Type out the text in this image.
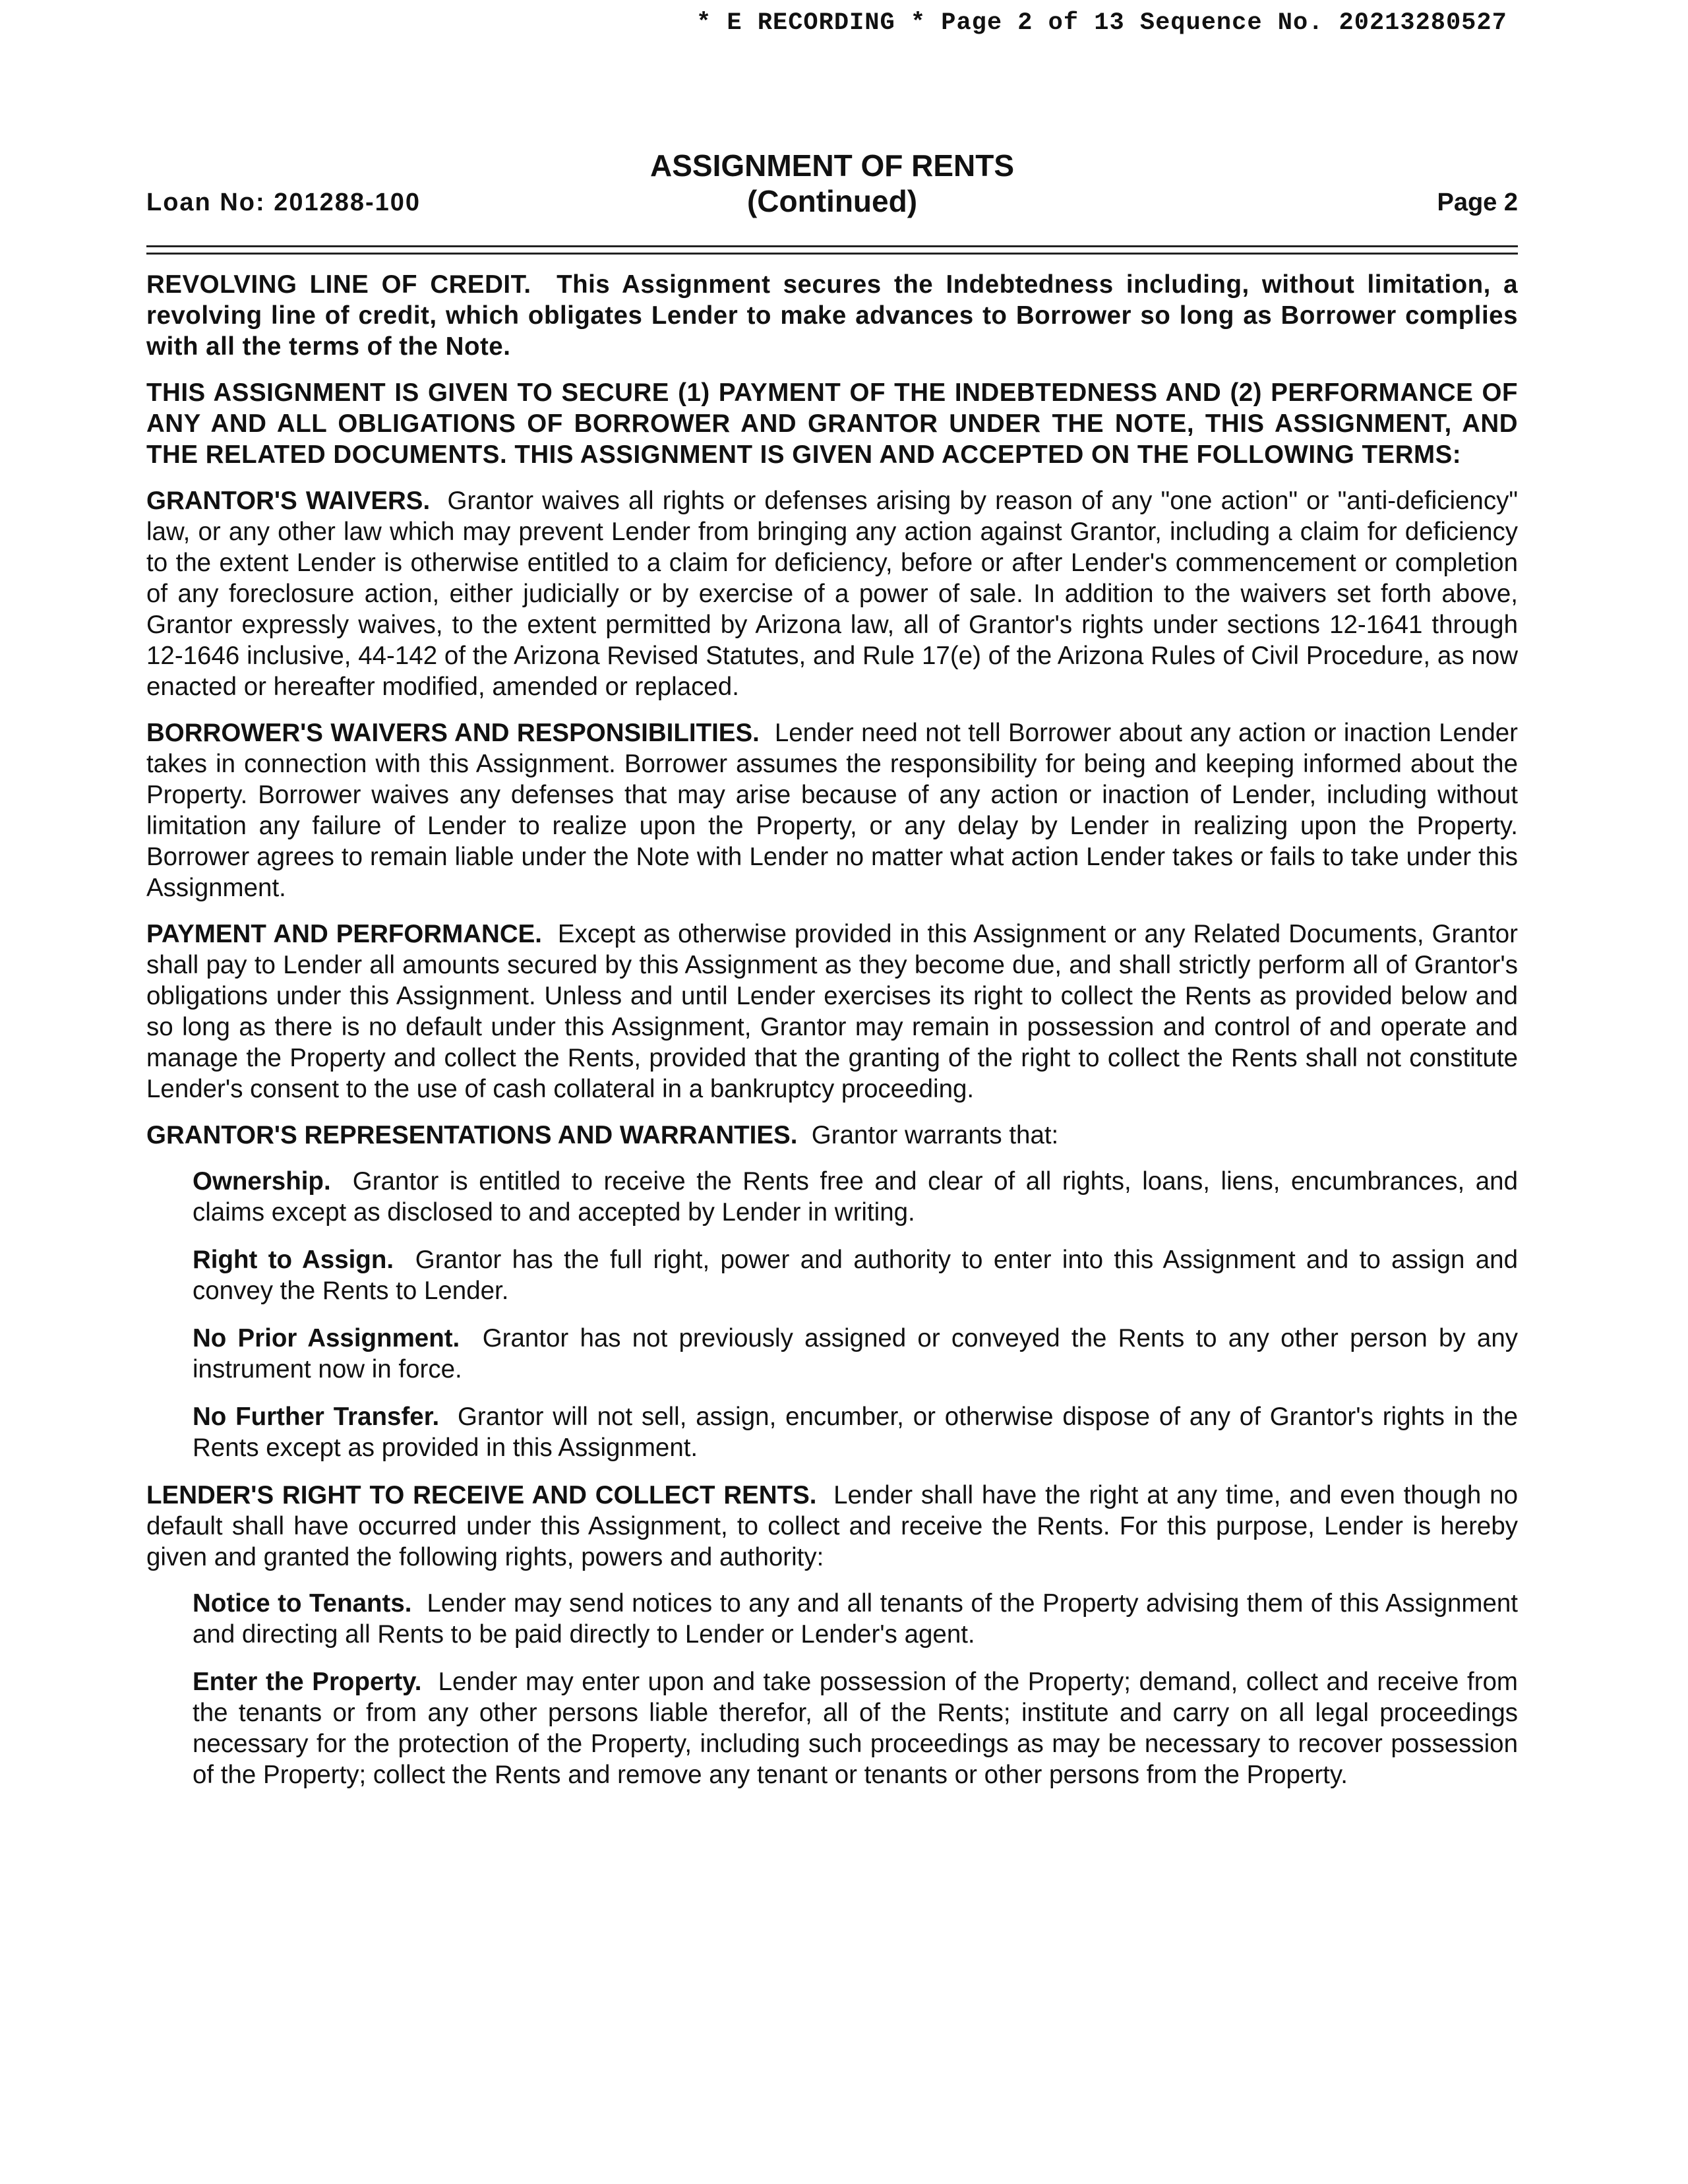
* E RECORDING * Page 2 of 13 Sequence No. 20213280527
ASSIGNMENT OF RENTS
(Continued)
Loan No: 201288-100	Page 2

REVOLVING LINE OF CREDIT. This Assignment secures the Indebtedness including, without limitation, a revolving line of credit, which obligates Lender to make advances to Borrower so long as Borrower complies with all the terms of the Note.

THIS ASSIGNMENT IS GIVEN TO SECURE (1) PAYMENT OF THE INDEBTEDNESS AND (2) PERFORMANCE OF ANY AND ALL OBLIGATIONS OF BORROWER AND GRANTOR UNDER THE NOTE, THIS ASSIGNMENT, AND THE RELATED DOCUMENTS. THIS ASSIGNMENT IS GIVEN AND ACCEPTED ON THE FOLLOWING TERMS:

GRANTOR'S WAIVERS. Grantor waives all rights or defenses arising by reason of any "one action" or "anti-deficiency" law, or any other law which may prevent Lender from bringing any action against Grantor, including a claim for deficiency to the extent Lender is otherwise entitled to a claim for deficiency, before or after Lender's commencement or completion of any foreclosure action, either judicially or by exercise of a power of sale. In addition to the waivers set forth above, Grantor expressly waives, to the extent permitted by Arizona law, all of Grantor's rights under sections 12-1641 through 12-1646 inclusive, 44-142 of the Arizona Revised Statutes, and Rule 17(e) of the Arizona Rules of Civil Procedure, as now enacted or hereafter modified, amended or replaced.

BORROWER'S WAIVERS AND RESPONSIBILITIES. Lender need not tell Borrower about any action or inaction Lender takes in connection with this Assignment. Borrower assumes the responsibility for being and keeping informed about the Property. Borrower waives any defenses that may arise because of any action or inaction of Lender, including without limitation any failure of Lender to realize upon the Property, or any delay by Lender in realizing upon the Property. Borrower agrees to remain liable under the Note with Lender no matter what action Lender takes or fails to take under this Assignment.

PAYMENT AND PERFORMANCE. Except as otherwise provided in this Assignment or any Related Documents, Grantor shall pay to Lender all amounts secured by this Assignment as they become due, and shall strictly perform all of Grantor's obligations under this Assignment. Unless and until Lender exercises its right to collect the Rents as provided below and so long as there is no default under this Assignment, Grantor may remain in possession and control of and operate and manage the Property and collect the Rents, provided that the granting of the right to collect the Rents shall not constitute Lender's consent to the use of cash collateral in a bankruptcy proceeding.

GRANTOR'S REPRESENTATIONS AND WARRANTIES. Grantor warrants that:

Ownership. Grantor is entitled to receive the Rents free and clear of all rights, loans, liens, encumbrances, and claims except as disclosed to and accepted by Lender in writing.

Right to Assign. Grantor has the full right, power and authority to enter into this Assignment and to assign and convey the Rents to Lender.

No Prior Assignment. Grantor has not previously assigned or conveyed the Rents to any other person by any instrument now in force.

No Further Transfer. Grantor will not sell, assign, encumber, or otherwise dispose of any of Grantor's rights in the Rents except as provided in this Assignment.

LENDER'S RIGHT TO RECEIVE AND COLLECT RENTS. Lender shall have the right at any time, and even though no default shall have occurred under this Assignment, to collect and receive the Rents. For this purpose, Lender is hereby given and granted the following rights, powers and authority:

Notice to Tenants. Lender may send notices to any and all tenants of the Property advising them of this Assignment and directing all Rents to be paid directly to Lender or Lender's agent.

Enter the Property. Lender may enter upon and take possession of the Property; demand, collect and receive from the tenants or from any other persons liable therefor, all of the Rents; institute and carry on all legal proceedings necessary for the protection of the Property, including such proceedings as may be necessary to recover possession of the Property; collect the Rents and remove any tenant or tenants or other persons from the Property.
